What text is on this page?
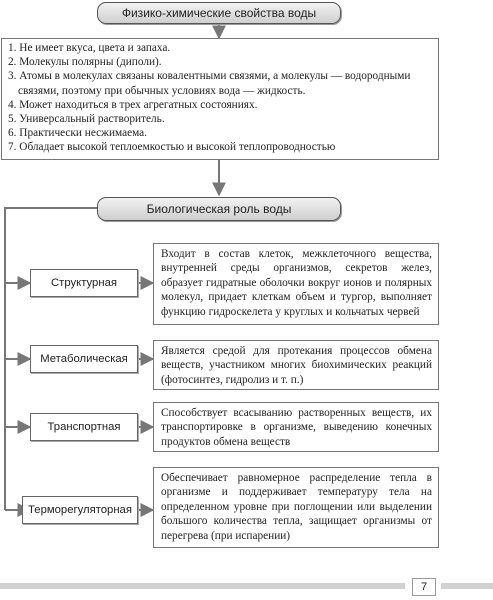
Физико-химические свойства воды
1. Не имеет вкуса, цвета и запаха.
2. Молекулы полярны (диполи).
3. Атомы в молекулах связаны ковалентными связями, а молекулы — водородными
связями, поэтому при обычных условиях вода — жидкость.
4. Может находиться в трех агрегатных состояниях.
5. Универсальный растворитель.
6. Практически несжимаема.
7. Обладает высокой теплоемкостью и высокой теплопроводностью
Биологическая роль воды
Структурная
Метаболическая
Транспортная
Терморегуляторная
Входит в состав клеток, межклеточного вещества, внутренней среды организмов, секретов желез, образует гидратные оболочки вокруг ионов и полярных молекул, придает клеткам объем и тургор, выполняет функцию гидроскелета у круглых и кольчатых червей
Является средой для протекания процессов обмена веществ, участником многих биохимических реакций (фотосинтез, гидролиз и т. п.)
Способствует всасыванию растворенных веществ, их транспортировке в организме, выведению конечных продуктов обмена веществ
Обеспечивает равномерное распределение тепла в организме и поддерживает температуру тела на определенном уровне при поглощении или выделении большого количества тепла, защищает организмы от перегрева (при испарении)
7
